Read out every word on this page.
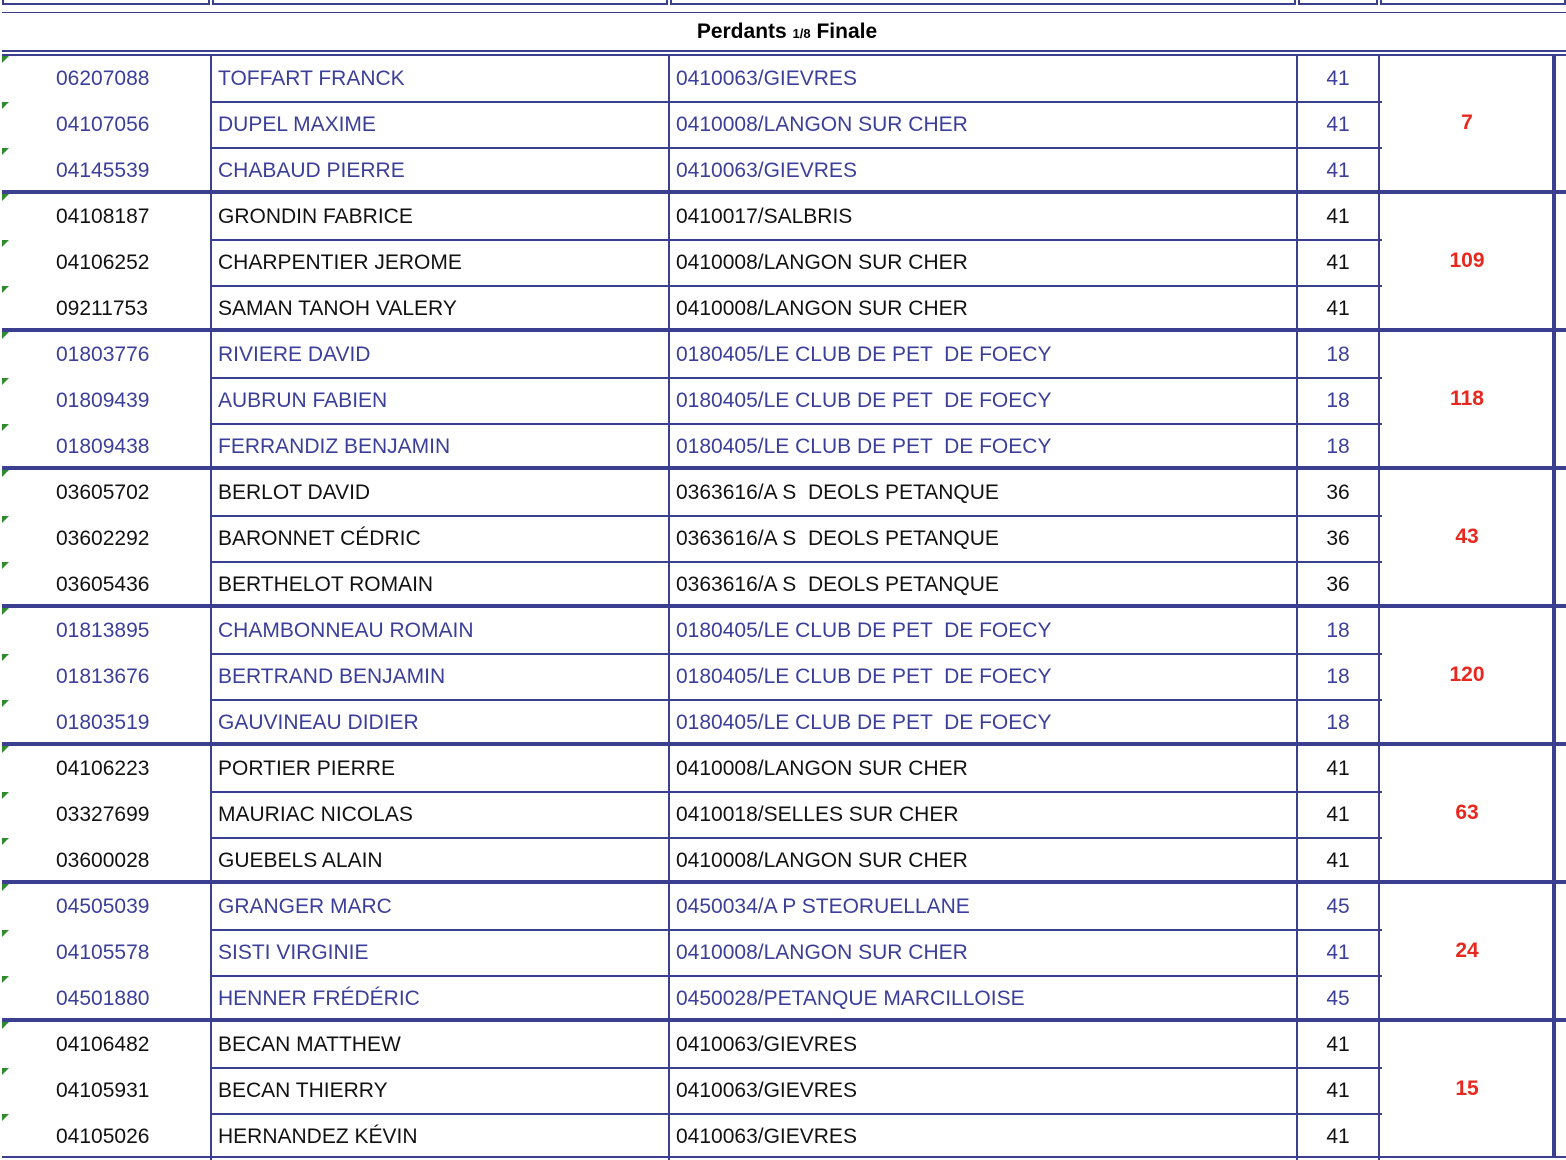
Perdants 1/8 Finale
06207088	TOFFART FRANCK	0410063/GIEVRES	41
04107056	DUPEL MAXIME	0410008/LANGON SUR CHER	41
04145539	CHABAUD PIERRE	0410063/GIEVRES	41
7
04108187	GRONDIN FABRICE	0410017/SALBRIS	41
04106252	CHARPENTIER JEROME	0410008/LANGON SUR CHER	41
09211753	SAMAN TANOH VALERY	0410008/LANGON SUR CHER	41
109
01803776	RIVIERE DAVID	0180405/LE CLUB DE PET  DE FOECY	18
01809439	AUBRUN FABIEN	0180405/LE CLUB DE PET  DE FOECY	18
01809438	FERRANDIZ BENJAMIN	0180405/LE CLUB DE PET  DE FOECY	18
118
03605702	BERLOT DAVID	0363616/A S  DEOLS PETANQUE	36
03602292	BARONNET CÉDRIC	0363616/A S  DEOLS PETANQUE	36
03605436	BERTHELOT ROMAIN	0363616/A S  DEOLS PETANQUE	36
43
01813895	CHAMBONNEAU ROMAIN	0180405/LE CLUB DE PET  DE FOECY	18
01813676	BERTRAND BENJAMIN	0180405/LE CLUB DE PET  DE FOECY	18
01803519	GAUVINEAU DIDIER	0180405/LE CLUB DE PET  DE FOECY	18
120
04106223	PORTIER PIERRE	0410008/LANGON SUR CHER	41
03327699	MAURIAC NICOLAS	0410018/SELLES SUR CHER	41
03600028	GUEBELS ALAIN	0410008/LANGON SUR CHER	41
63
04505039	GRANGER MARC	0450034/A P STEORUELLANE	45
04105578	SISTI VIRGINIE	0410008/LANGON SUR CHER	41
04501880	HENNER FRÉDÉRIC	0450028/PETANQUE MARCILLOISE	45
24
04106482	BECAN MATTHEW	0410063/GIEVRES	41
04105931	BECAN THIERRY	0410063/GIEVRES	41
04105026	HERNANDEZ KÉVIN	0410063/GIEVRES	41
15
